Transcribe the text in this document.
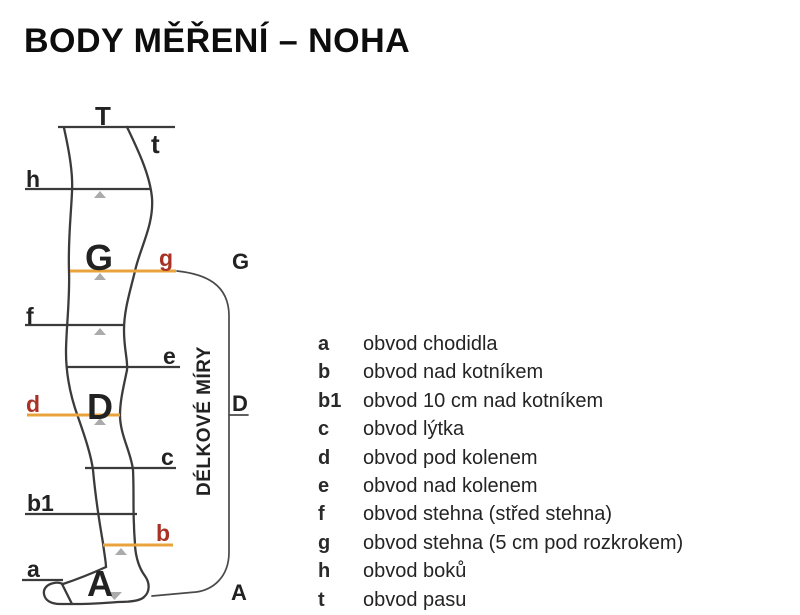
BODY MĚŘENÍ – NOHA
T
t
h
G g
f
e
d D
c
b1
b
a A
G
D
A
DÉLKOVÉ MÍRY
a	obvod chodidla
b	obvod nad kotníkem
b1	obvod 10 cm nad kotníkem
c	obvod lýtka
d	obvod pod kolenem
e	obvod nad kolenem
f	obvod stehna (střed stehna)
g	obvod stehna (5 cm pod rozkrokem)
h	obvod boků
t	obvod pasu
